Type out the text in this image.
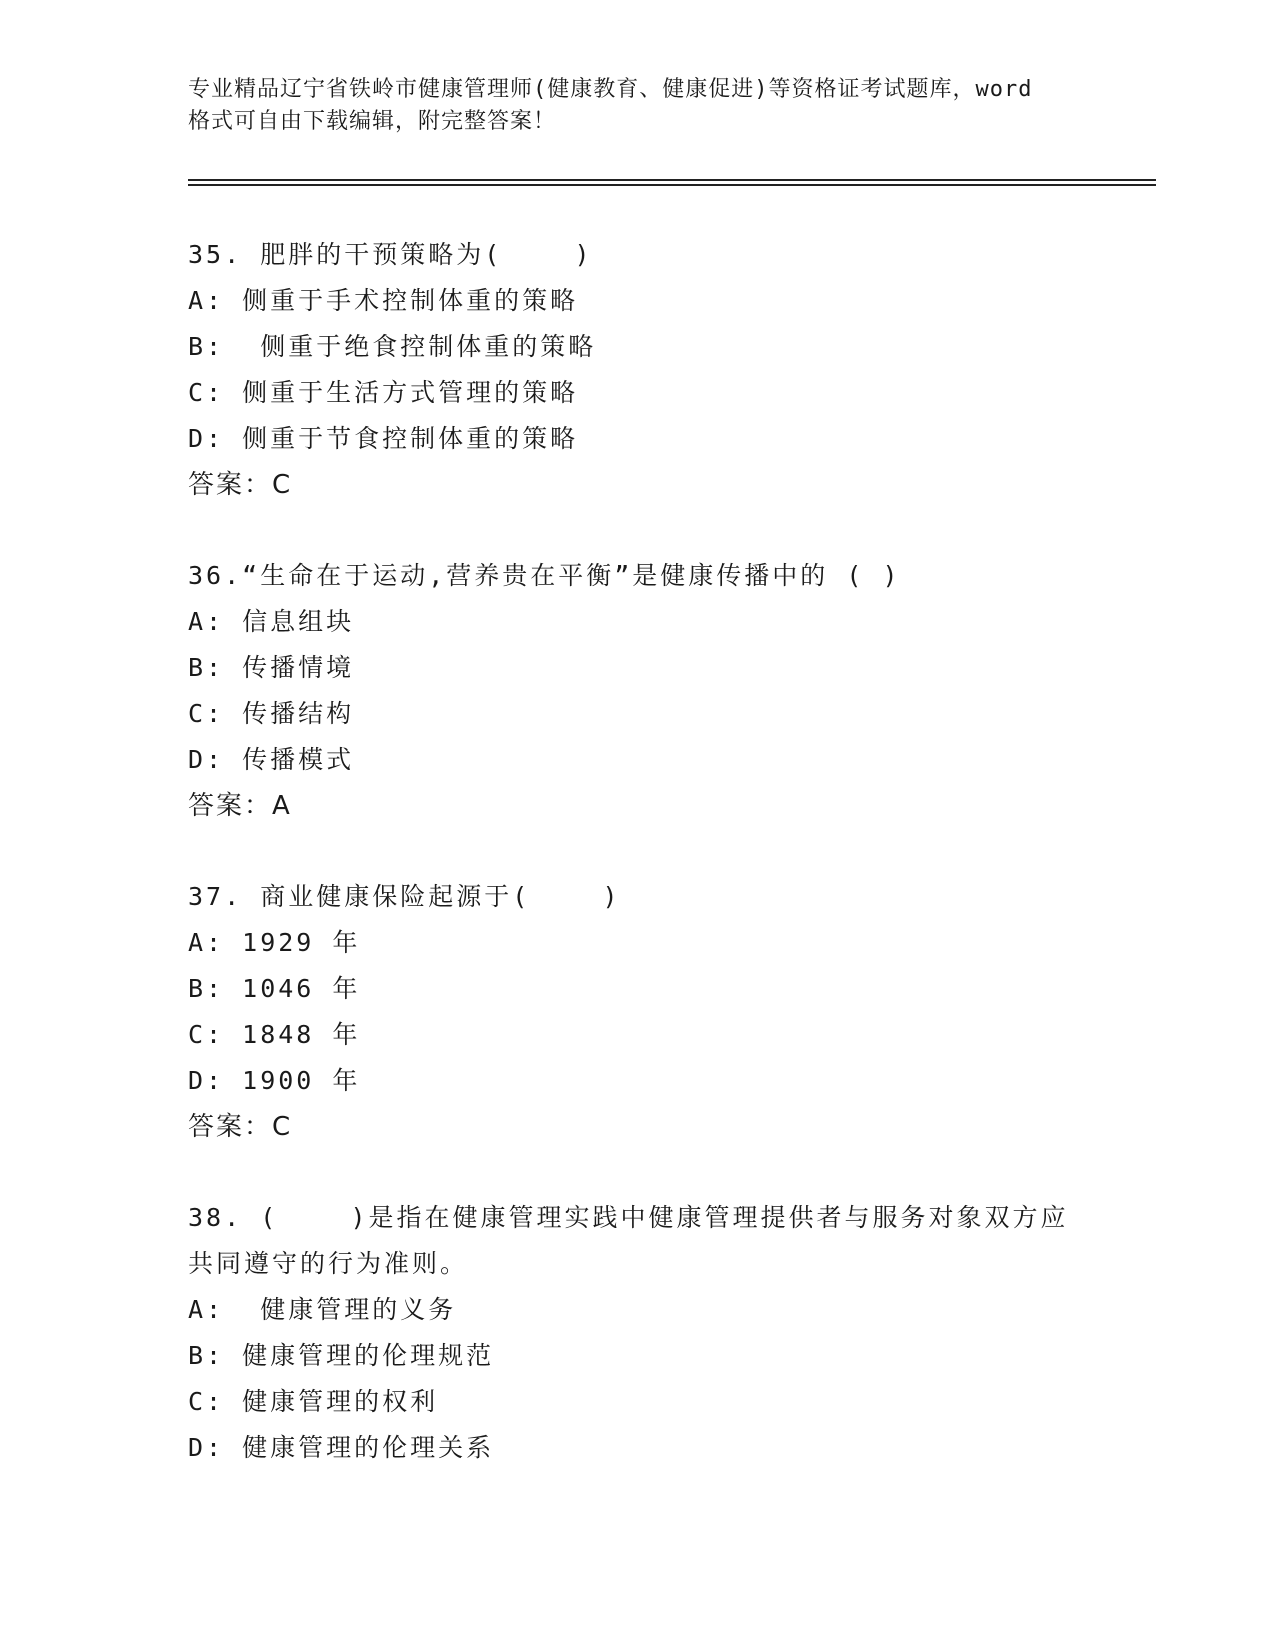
专业精品辽宁省铁岭市健康管理师(健康教育、健康促进)等资格证考试题库，word
格式可自由下载编辑，附完整答案！
35. 肥胖的干预策略为(    )
A: 侧重于手术控制体重的策略
B:  侧重于绝食控制体重的策略
C: 侧重于生活方式管理的策略
D: 侧重于节食控制体重的策略
答案：C
36.“生命在于运动,营养贵在平衡”是健康传播中的 ( )
A: 信息组块
B: 传播情境
C: 传播结构
D: 传播模式
答案：A
37. 商业健康保险起源于(    )
A: 1929 年
B: 1046 年
C: 1848 年
D: 1900 年
答案：C
38. (    )是指在健康管理实践中健康管理提供者与服务对象双方应
共同遵守的行为准则。
A:  健康管理的义务
B: 健康管理的伦理规范
C: 健康管理的权利
D: 健康管理的伦理关系
